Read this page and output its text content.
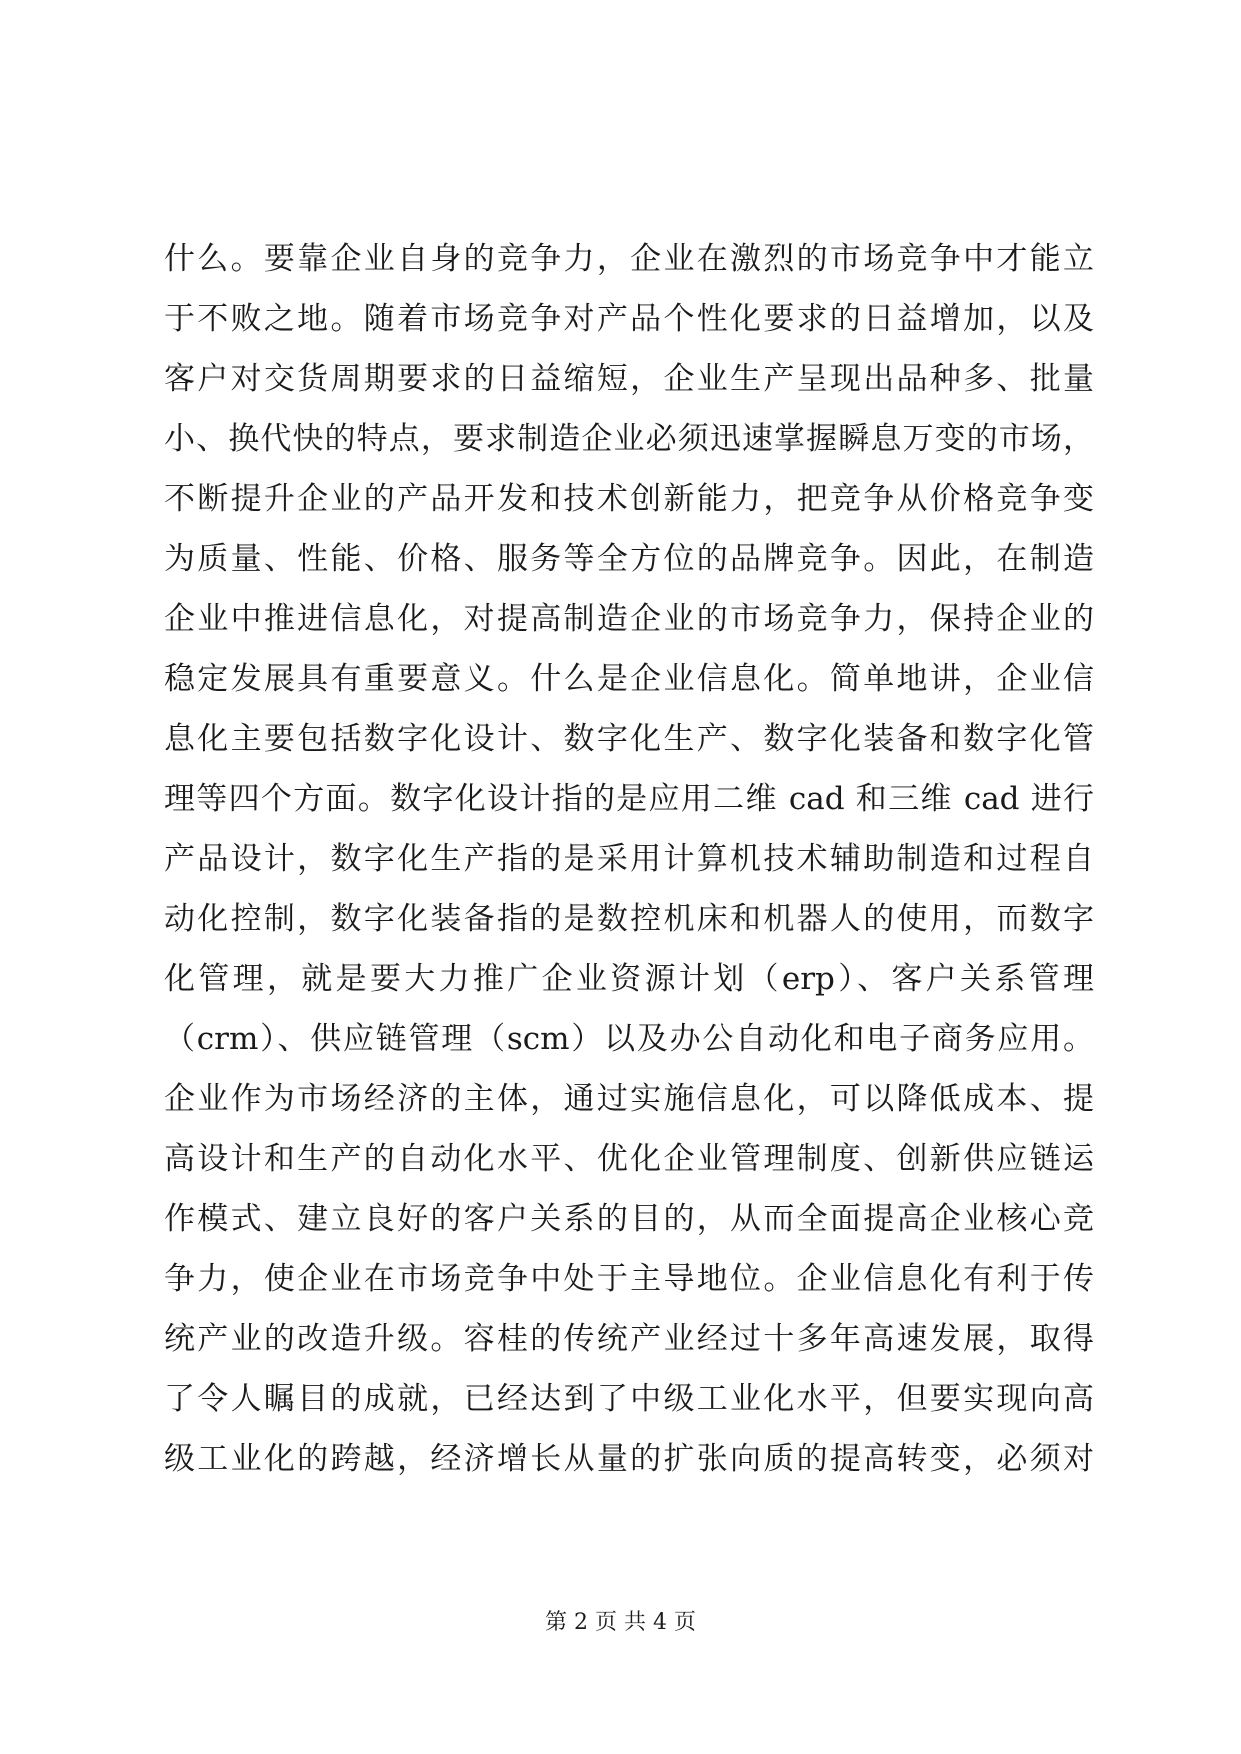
什么。要靠企业自身的竞争力，企业在激烈的市场竞争中才能立
于不败之地。随着市场竞争对产品个性化要求的日益增加，以及
客户对交货周期要求的日益缩短，企业生产呈现出品种多、批量
小、换代快的特点，要求制造企业必须迅速掌握瞬息万变的市场，
不断提升企业的产品开发和技术创新能力，把竞争从价格竞争变
为质量、性能、价格、服务等全方位的品牌竞争。因此，在制造
企业中推进信息化，对提高制造企业的市场竞争力，保持企业的
稳定发展具有重要意义。什么是企业信息化。简单地讲，企业信
息化主要包括数字化设计、数字化生产、数字化装备和数字化管
理等四个方面。数字化设计指的是应用二维 cad 和三维 cad 进行
产品设计，数字化生产指的是采用计算机技术辅助制造和过程自
动化控制，数字化装备指的是数控机床和机器人的使用，而数字
化管理，就是要大力推广企业资源计划（erp）、客户关系管理
（crm）、供应链管理（scm）以及办公自动化和电子商务应用。
企业作为市场经济的主体，通过实施信息化，可以降低成本、提
高设计和生产的自动化水平、优化企业管理制度、创新供应链运
作模式、建立良好的客户关系的目的，从而全面提高企业核心竞
争力，使企业在市场竞争中处于主导地位。企业信息化有利于传
统产业的改造升级。容桂的传统产业经过十多年高速发展，取得
了令人瞩目的成就，已经达到了中级工业化水平，但要实现向高
级工业化的跨越，经济增长从量的扩张向质的提高转变，必须对
第 2 页 共 4 页
